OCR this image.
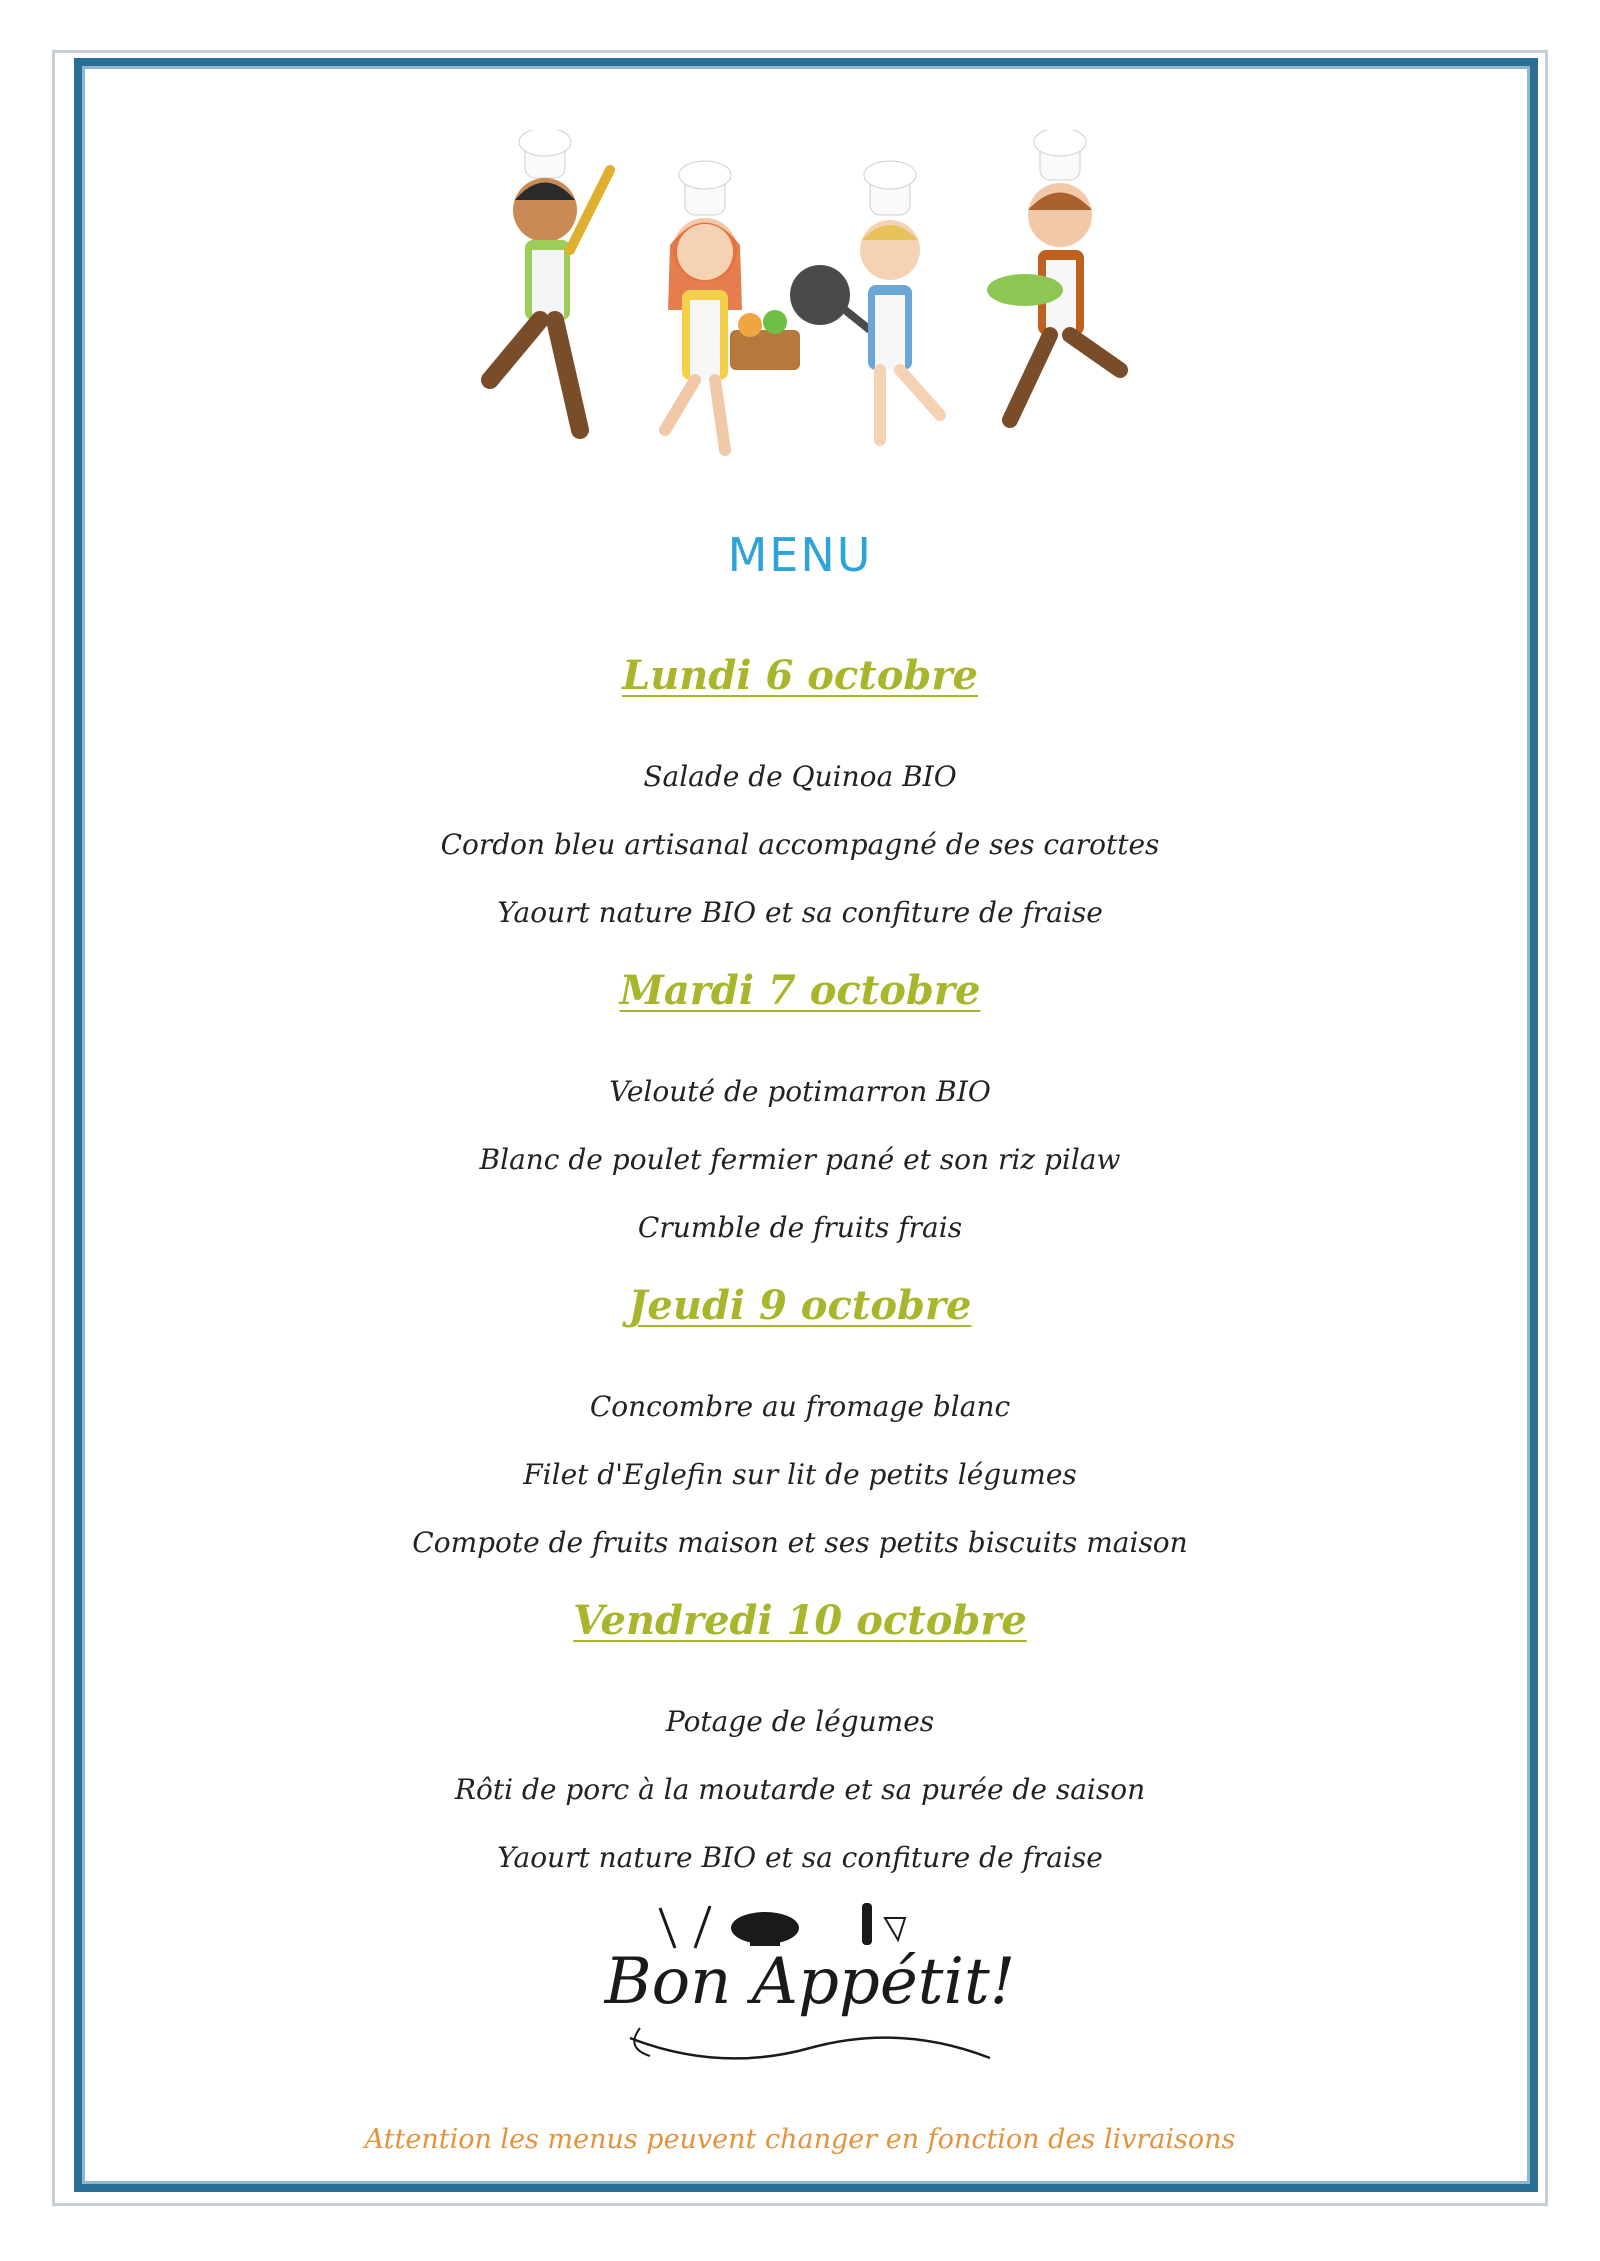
MENU
Lundi 6 octobre
Salade de Quinoa BIO
Cordon bleu artisanal accompagné de ses carottes
Yaourt nature BIO et sa confiture de fraise
Mardi 7 octobre
Velouté de potimarron BIO
Blanc de poulet fermier pané et son riz pilaw
Crumble de fruits frais
Jeudi 9 octobre
Concombre au fromage blanc
Filet d'Eglefin sur lit de petits légumes
Compote de fruits maison et ses petits biscuits maison
Vendredi 10 octobre
Potage de légumes
Rôti de porc à la moutarde et sa purée de saison
Yaourt nature BIO et sa confiture de fraise
Bon Appétit!
Attention les menus peuvent changer en fonction des livraisons
